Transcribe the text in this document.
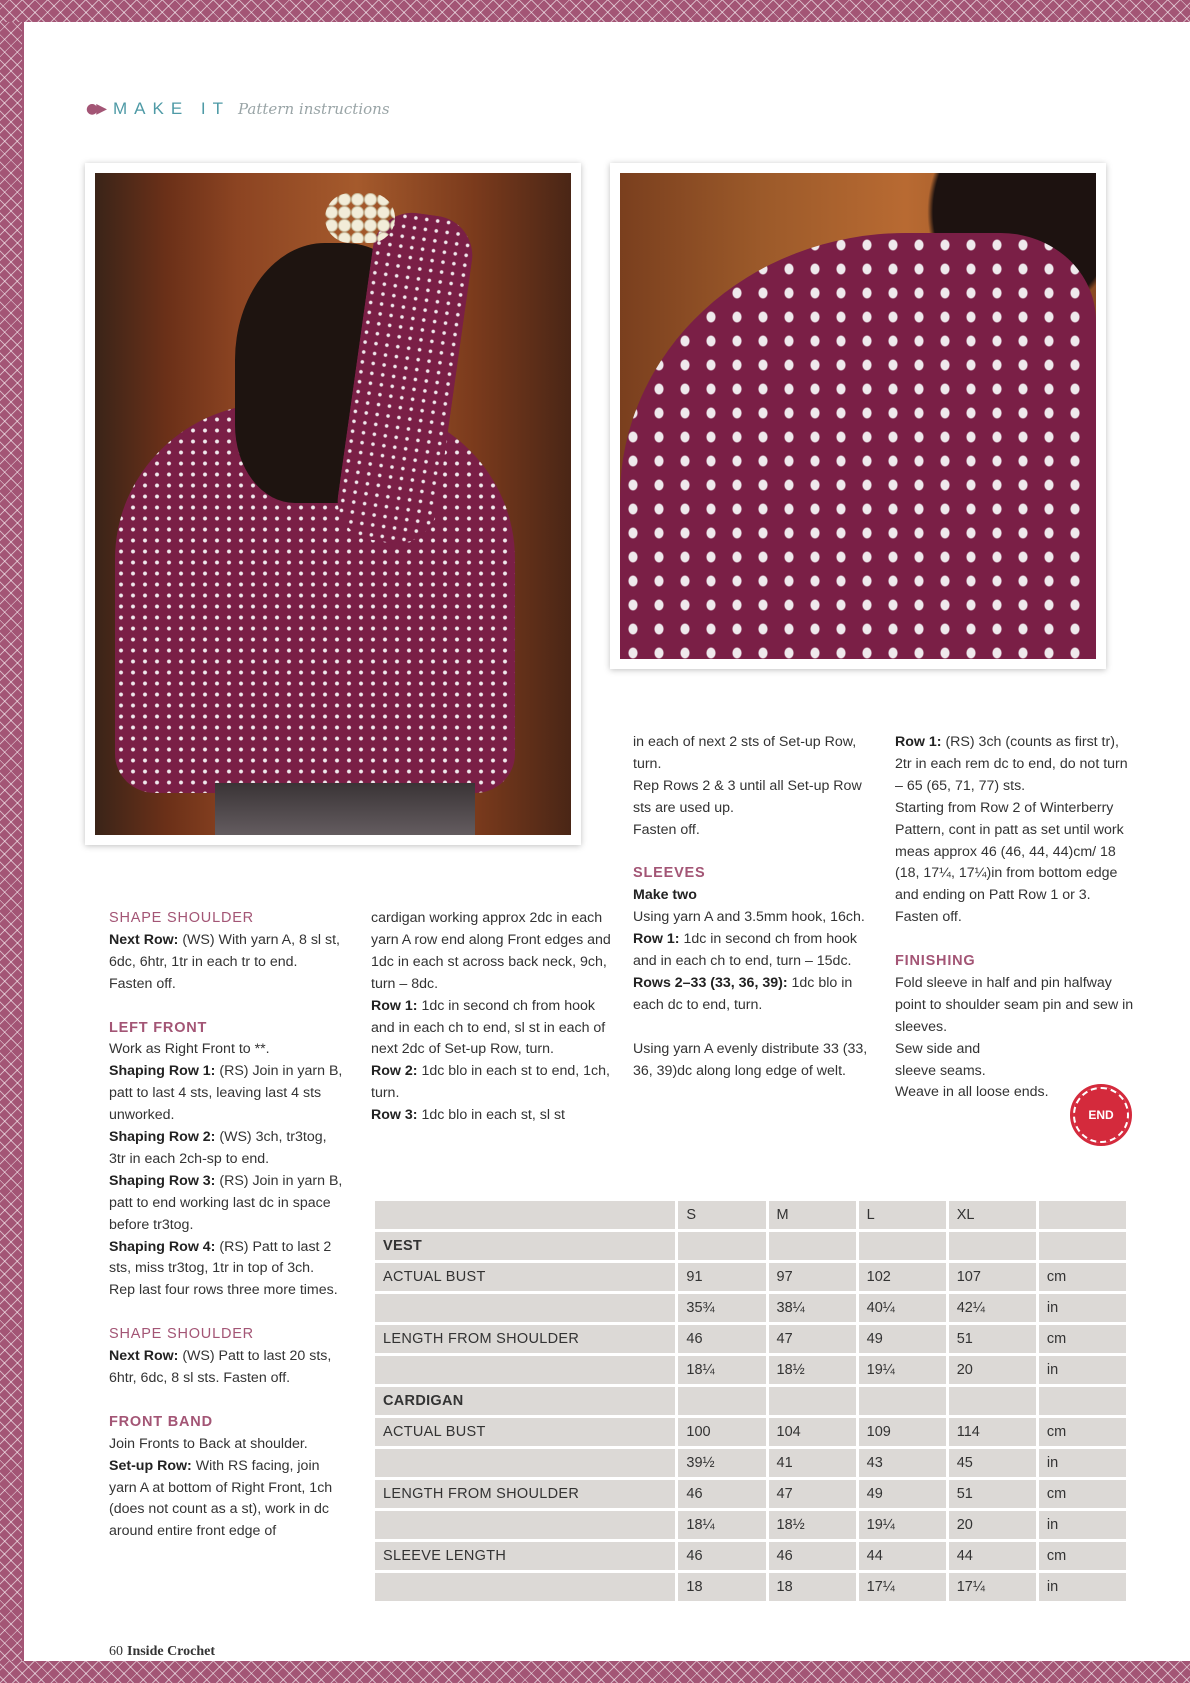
●▶ MAKE IT Pattern instructions

SHAPE SHOULDER

Next Row: (WS) With yarn A, 8 sl st, 6dc, 6htr, 1tr in each tr to end. Fasten off.

LEFT FRONT

Work as Right Front to **.

Shaping Row 1: (RS) Join in yarn B, patt to last 4 sts, leaving last 4 sts unworked.

Shaping Row 2: (WS) 3ch, tr3tog, 3tr in each 2ch-sp to end.

Shaping Row 3: (RS) Join in yarn B, patt to end working last dc in space before tr3tog.

Shaping Row 4: (RS) Patt to last 2 sts, miss tr3tog, 1tr in top of 3ch.

Rep last four rows three more times.

SHAPE SHOULDER

Next Row: (WS) Patt to last 20 sts, 6htr, 6dc, 8 sl sts. Fasten off.

FRONT BAND

Join Fronts to Back at shoulder.

Set-up Row: With RS facing, join yarn A at bottom of Right Front, 1ch (does not count as a st), work in dc around entire front edge of

cardigan working approx 2dc in each yarn A row end along Front edges and 1dc in each st across back neck, 9ch, turn – 8dc.

Row 1: 1dc in second ch from hook and in each ch to end, sl st in each of next 2dc of Set-up Row, turn.

Row 2: 1dc blo in each st to end, 1ch, turn.

Row 3: 1dc blo in each st, sl st

in each of next 2 sts of Set-up Row, turn.

Rep Rows 2 & 3 until all Set-up Row sts are used up.

Fasten off.

SLEEVES

Make two

Using yarn A and 3.5mm hook, 16ch.

Row 1: 1dc in second ch from hook and in each ch to end, turn – 15dc.

Rows 2–33 (33, 36, 39): 1dc blo in each dc to end, turn.

Using yarn A evenly distribute 33 (33, 36, 39)dc along long edge of welt.

Row 1: (RS) 3ch (counts as first tr), 2tr in each rem dc to end, do not turn – 65 (65, 71, 77) sts.

Starting from Row 2 of Winterberry Pattern, cont in patt as set until work meas approx 46 (46, 44, 44)cm/ 18 (18, 17¼, 17¼)in from bottom edge and ending on Patt Row 1 or 3.

Fasten off.

FINISHING

Fold sleeve in half and pin halfway point to shoulder seam pin and sew in sleeves.

Sew side and

sleeve seams.

Weave in all loose ends.

END
	S	M	L	XL	
VEST					
ACTUAL BUST	91	97	102	107	cm
	35¾	38¼	40¼	42¼	in
LENGTH FROM SHOULDER	46	47	49	51	cm
	18¼	18½	19¼	20	in
CARDIGAN					
ACTUAL BUST	100	104	109	114	cm
	39½	41	43	45	in
LENGTH FROM SHOULDER	46	47	49	51	cm
	18¼	18½	19¼	20	in
SLEEVE LENGTH	46	46	44	44	cm
	18	18	17¼	17¼	in
60 Inside Crochet
